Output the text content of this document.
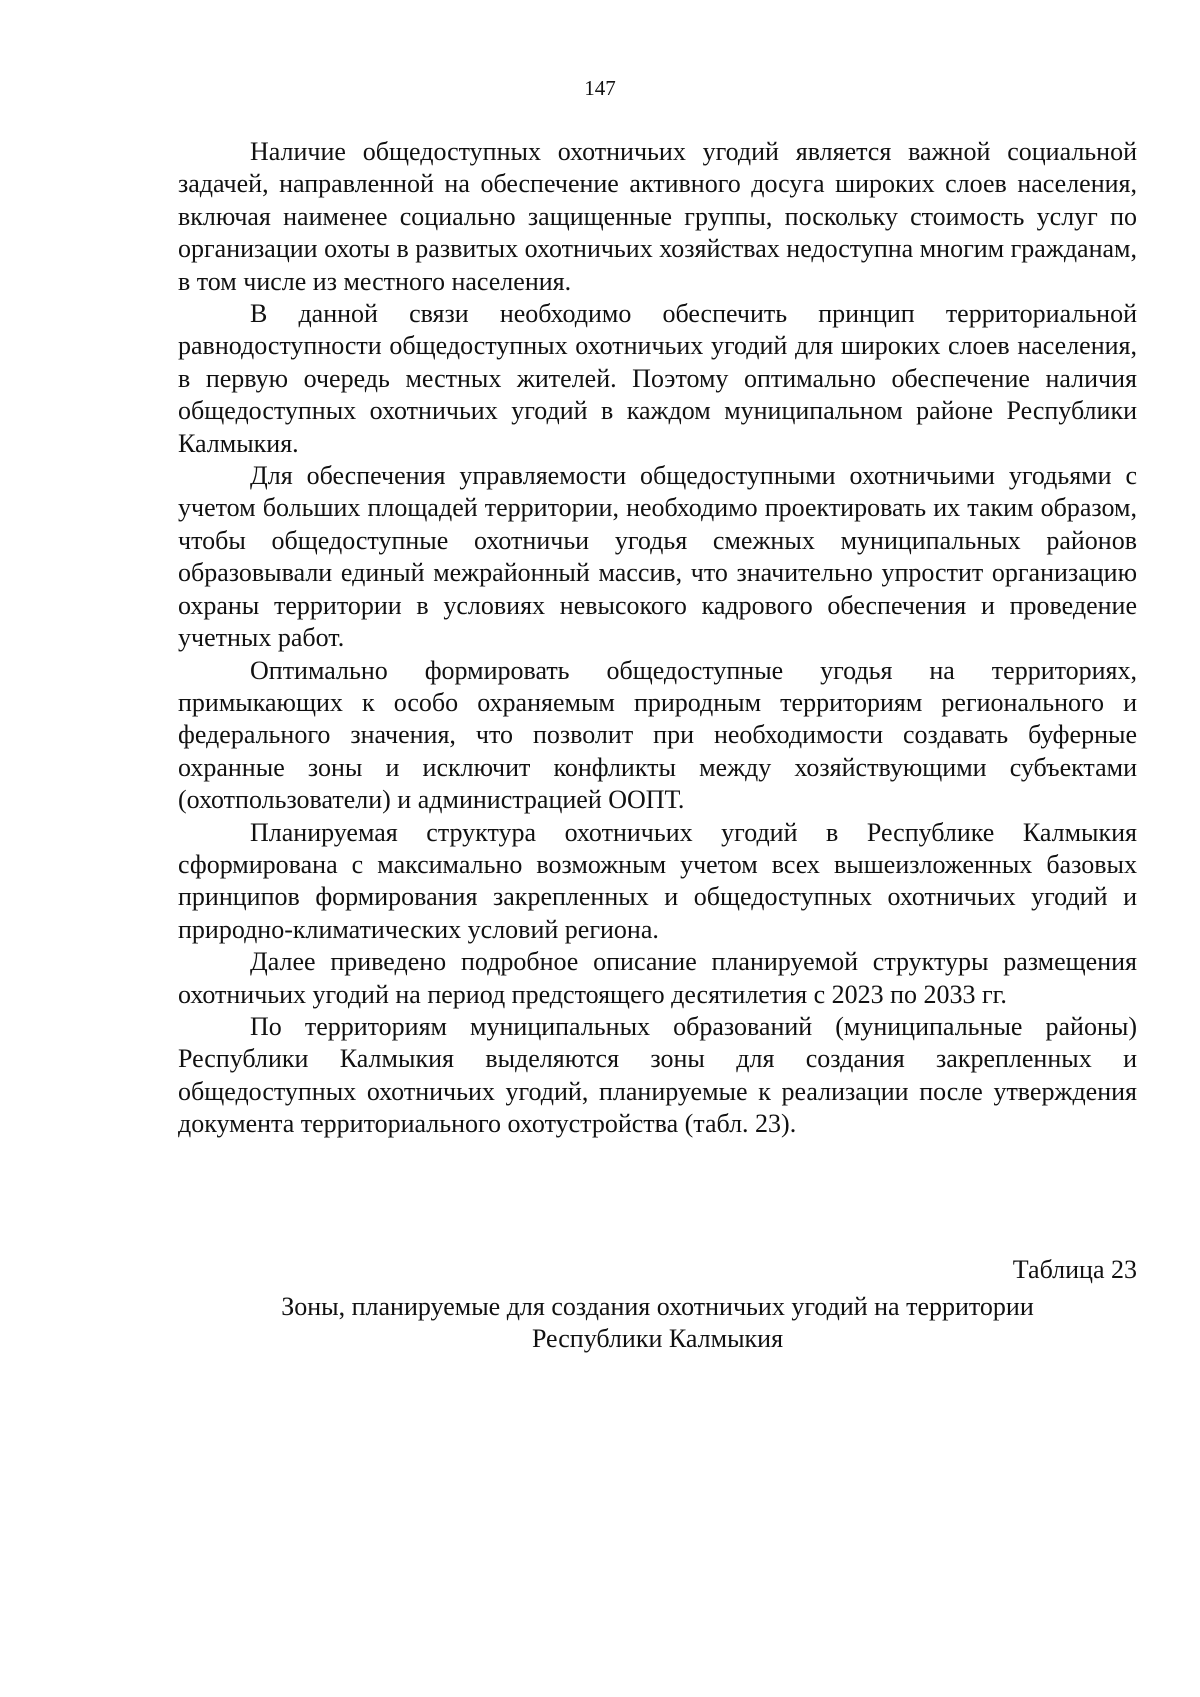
147

Наличие общедоступных охотничьих угодий является важной социальной задачей, направленной на обеспечение активного досуга широких слоев населения, включая наименее социально защищенные группы, поскольку стоимость услуг по организации охоты в развитых охотничьих хозяйствах недоступна многим гражданам, в том числе из местного населения.

В данной связи необходимо обеспечить принцип территориальной равнодоступности общедоступных охотничьих угодий для широких слоев населения, в первую очередь местных жителей. Поэтому оптимально обеспечение наличия общедоступных охотничьих угодий в каждом муниципальном районе Республики Калмыкия.

Для обеспечения управляемости общедоступными охотничьими угодьями с учетом больших площадей территории, необходимо проектировать их таким образом, чтобы общедоступные охотничьи угодья смежных муниципальных районов образовывали единый межрайонный массив, что значительно упростит организацию охраны территории в условиях невысокого кадрового обеспечения и проведение учетных работ.

Оптимально формировать общедоступные угодья на территориях, примыкающих к особо охраняемым природным территориям регионального и федерального значения, что позволит при необходимости создавать буферные охранные зоны и исключит конфликты между хозяйствующими субъектами (охотпользователи) и администрацией ООПТ.

Планируемая структура охотничьих угодий в Республике Калмыкия сформирована с максимально возможным учетом всех вышеизложенных базовых принципов формирования закрепленных и общедоступных охотничьих угодий и природно-климатических условий региона.

Далее приведено подробное описание планируемой структуры размещения охотничьих угодий на период предстоящего десятилетия с 2023 по 2033 гг.

По территориям муниципальных образований (муниципальные районы) Республики Калмыкия выделяются зоны для создания закрепленных и общедоступных охотничьих угодий, планируемые к реализации после утверждения документа территориального охотустройства (табл. 23).

Таблица 23
Зоны, планируемые для создания охотничьих угодий на территории
Республики Калмыкия
